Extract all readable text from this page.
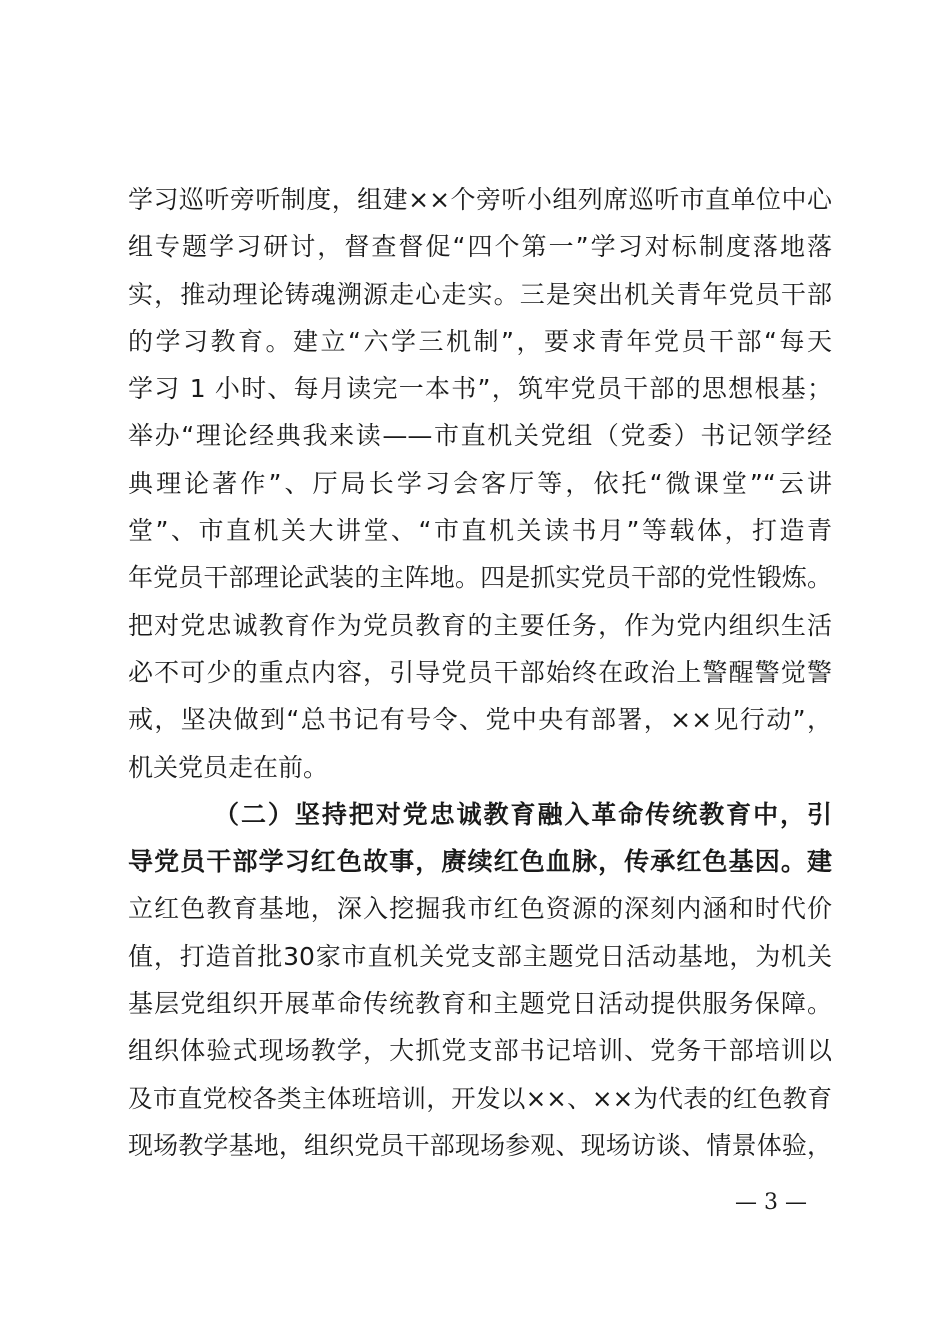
学习巡听旁听制度，组建××个旁听小组列席巡听市直单位中心
组专题学习研讨，督查督促“四个第一”学习对标制度落地落
实，推动理论铸魂溯源走心走实。三是突出机关青年党员干部
的学习教育。建立“六学三机制”，要求青年党员干部“每天
学习 1 小时、每月读完一本书”，筑牢党员干部的思想根基；
举办“理论经典我来读——市直机关党组（党委）书记领学经
典理论著作”、厅局长学习会客厅等，依托“微课堂”“云讲
堂”、市直机关大讲堂、“市直机关读书月”等载体，打造青
年党员干部理论武装的主阵地。四是抓实党员干部的党性锻炼。
把对党忠诚教育作为党员教育的主要任务，作为党内组织生活
必不可少的重点内容，引导党员干部始终在政治上警醒警觉警
戒，坚决做到“总书记有号令、党中央有部署，××见行动”，
机关党员走在前。
（二）坚持把对党忠诚教育融入革命传统教育中，引
导党员干部学习红色故事，赓续红色血脉，传承红色基因。建
立红色教育基地，深入挖掘我市红色资源的深刻内涵和时代价
值，打造首批30家市直机关党支部主题党日活动基地，为机关
基层党组织开展革命传统教育和主题党日活动提供服务保障。
组织体验式现场教学，大抓党支部书记培训、党务干部培训以
及市直党校各类主体班培训，开发以××、××为代表的红色教育
现场教学基地，组织党员干部现场参观、现场访谈、情景体验，
— 3 —
